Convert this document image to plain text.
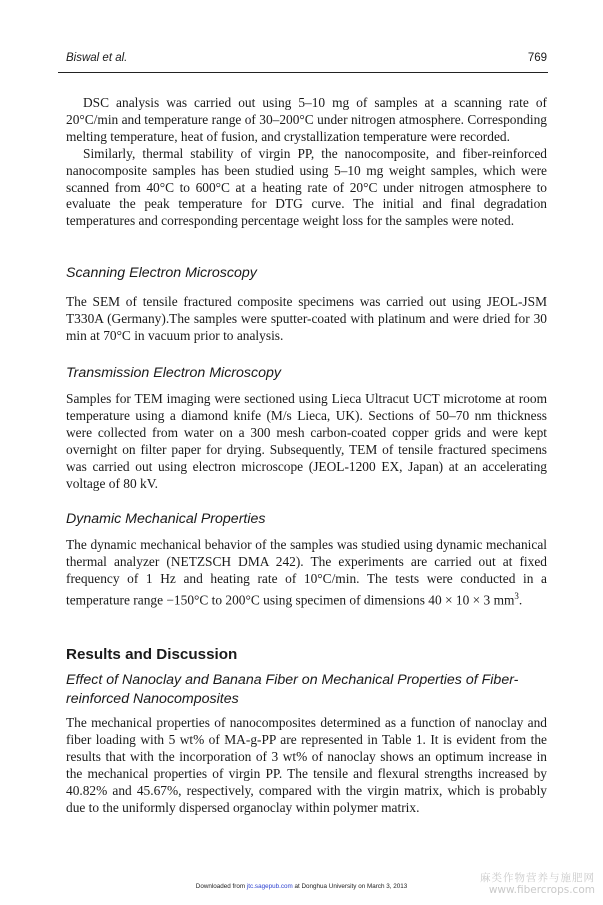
Biswal et al.	769

DSC analysis was carried out using 5–10 mg of samples at a scanning rate of 20°C/min and temperature range of 30–200°C under nitrogen atmosphere. Corresponding melting temperature, heat of fusion, and crystallization temperature were recorded.

Similarly, thermal stability of virgin PP, the nanocomposite, and fiber-reinforced nanocomposite samples has been studied using 5–10 mg weight samples, which were scanned from 40°C to 600°C at a heating rate of 20°C under nitrogen atmosphere to evaluate the peak temperature for DTG curve. The initial and final degradation temperatures and corresponding percentage weight loss for the samples were noted.

Scanning Electron Microscopy

The SEM of tensile fractured composite specimens was carried out using JEOL-JSM T330A (Germany).The samples were sputter-coated with platinum and were dried for 30 min at 70°C in vacuum prior to analysis.

Transmission Electron Microscopy

Samples for TEM imaging were sectioned using Lieca Ultracut UCT microtome at room temperature using a diamond knife (M/s Lieca, UK). Sections of 50–70 nm thickness were collected from water on a 300 mesh carbon-coated copper grids and were kept overnight on filter paper for drying. Subsequently, TEM of tensile fractured specimens was carried out using electron microscope (JEOL-1200 EX, Japan) at an accelerating voltage of 80 kV.

Dynamic Mechanical Properties

The dynamic mechanical behavior of the samples was studied using dynamic mechanical thermal analyzer (NETZSCH DMA 242). The experiments are carried out at fixed frequency of 1 Hz and heating rate of 10°C/min. The tests were conducted in a temperature range −150°C to 200°C using specimen of dimensions 40 × 10 × 3 $mm^3$.

Results and Discussion
Effect of Nanoclay and Banana Fiber on Mechanical Properties of Fiber-reinforced Nanocomposites

The mechanical properties of nanocomposites determined as a function of nanoclay and fiber loading with 5 wt% of MA-g-PP are represented in Table 1. It is evident from the results that with the incorporation of 3 wt% of nanoclay shows an optimum increase in the mechanical properties of virgin PP. The tensile and flexural strengths increased by 40.82% and 45.67%, respectively, compared with the virgin matrix, which is probably due to the uniformly dispersed organoclay within polymer matrix.

Downloaded from jtc.sagepub.com at Donghua University on March 3, 2013
麻类作物营养与施肥网
www.fibercrops.com
